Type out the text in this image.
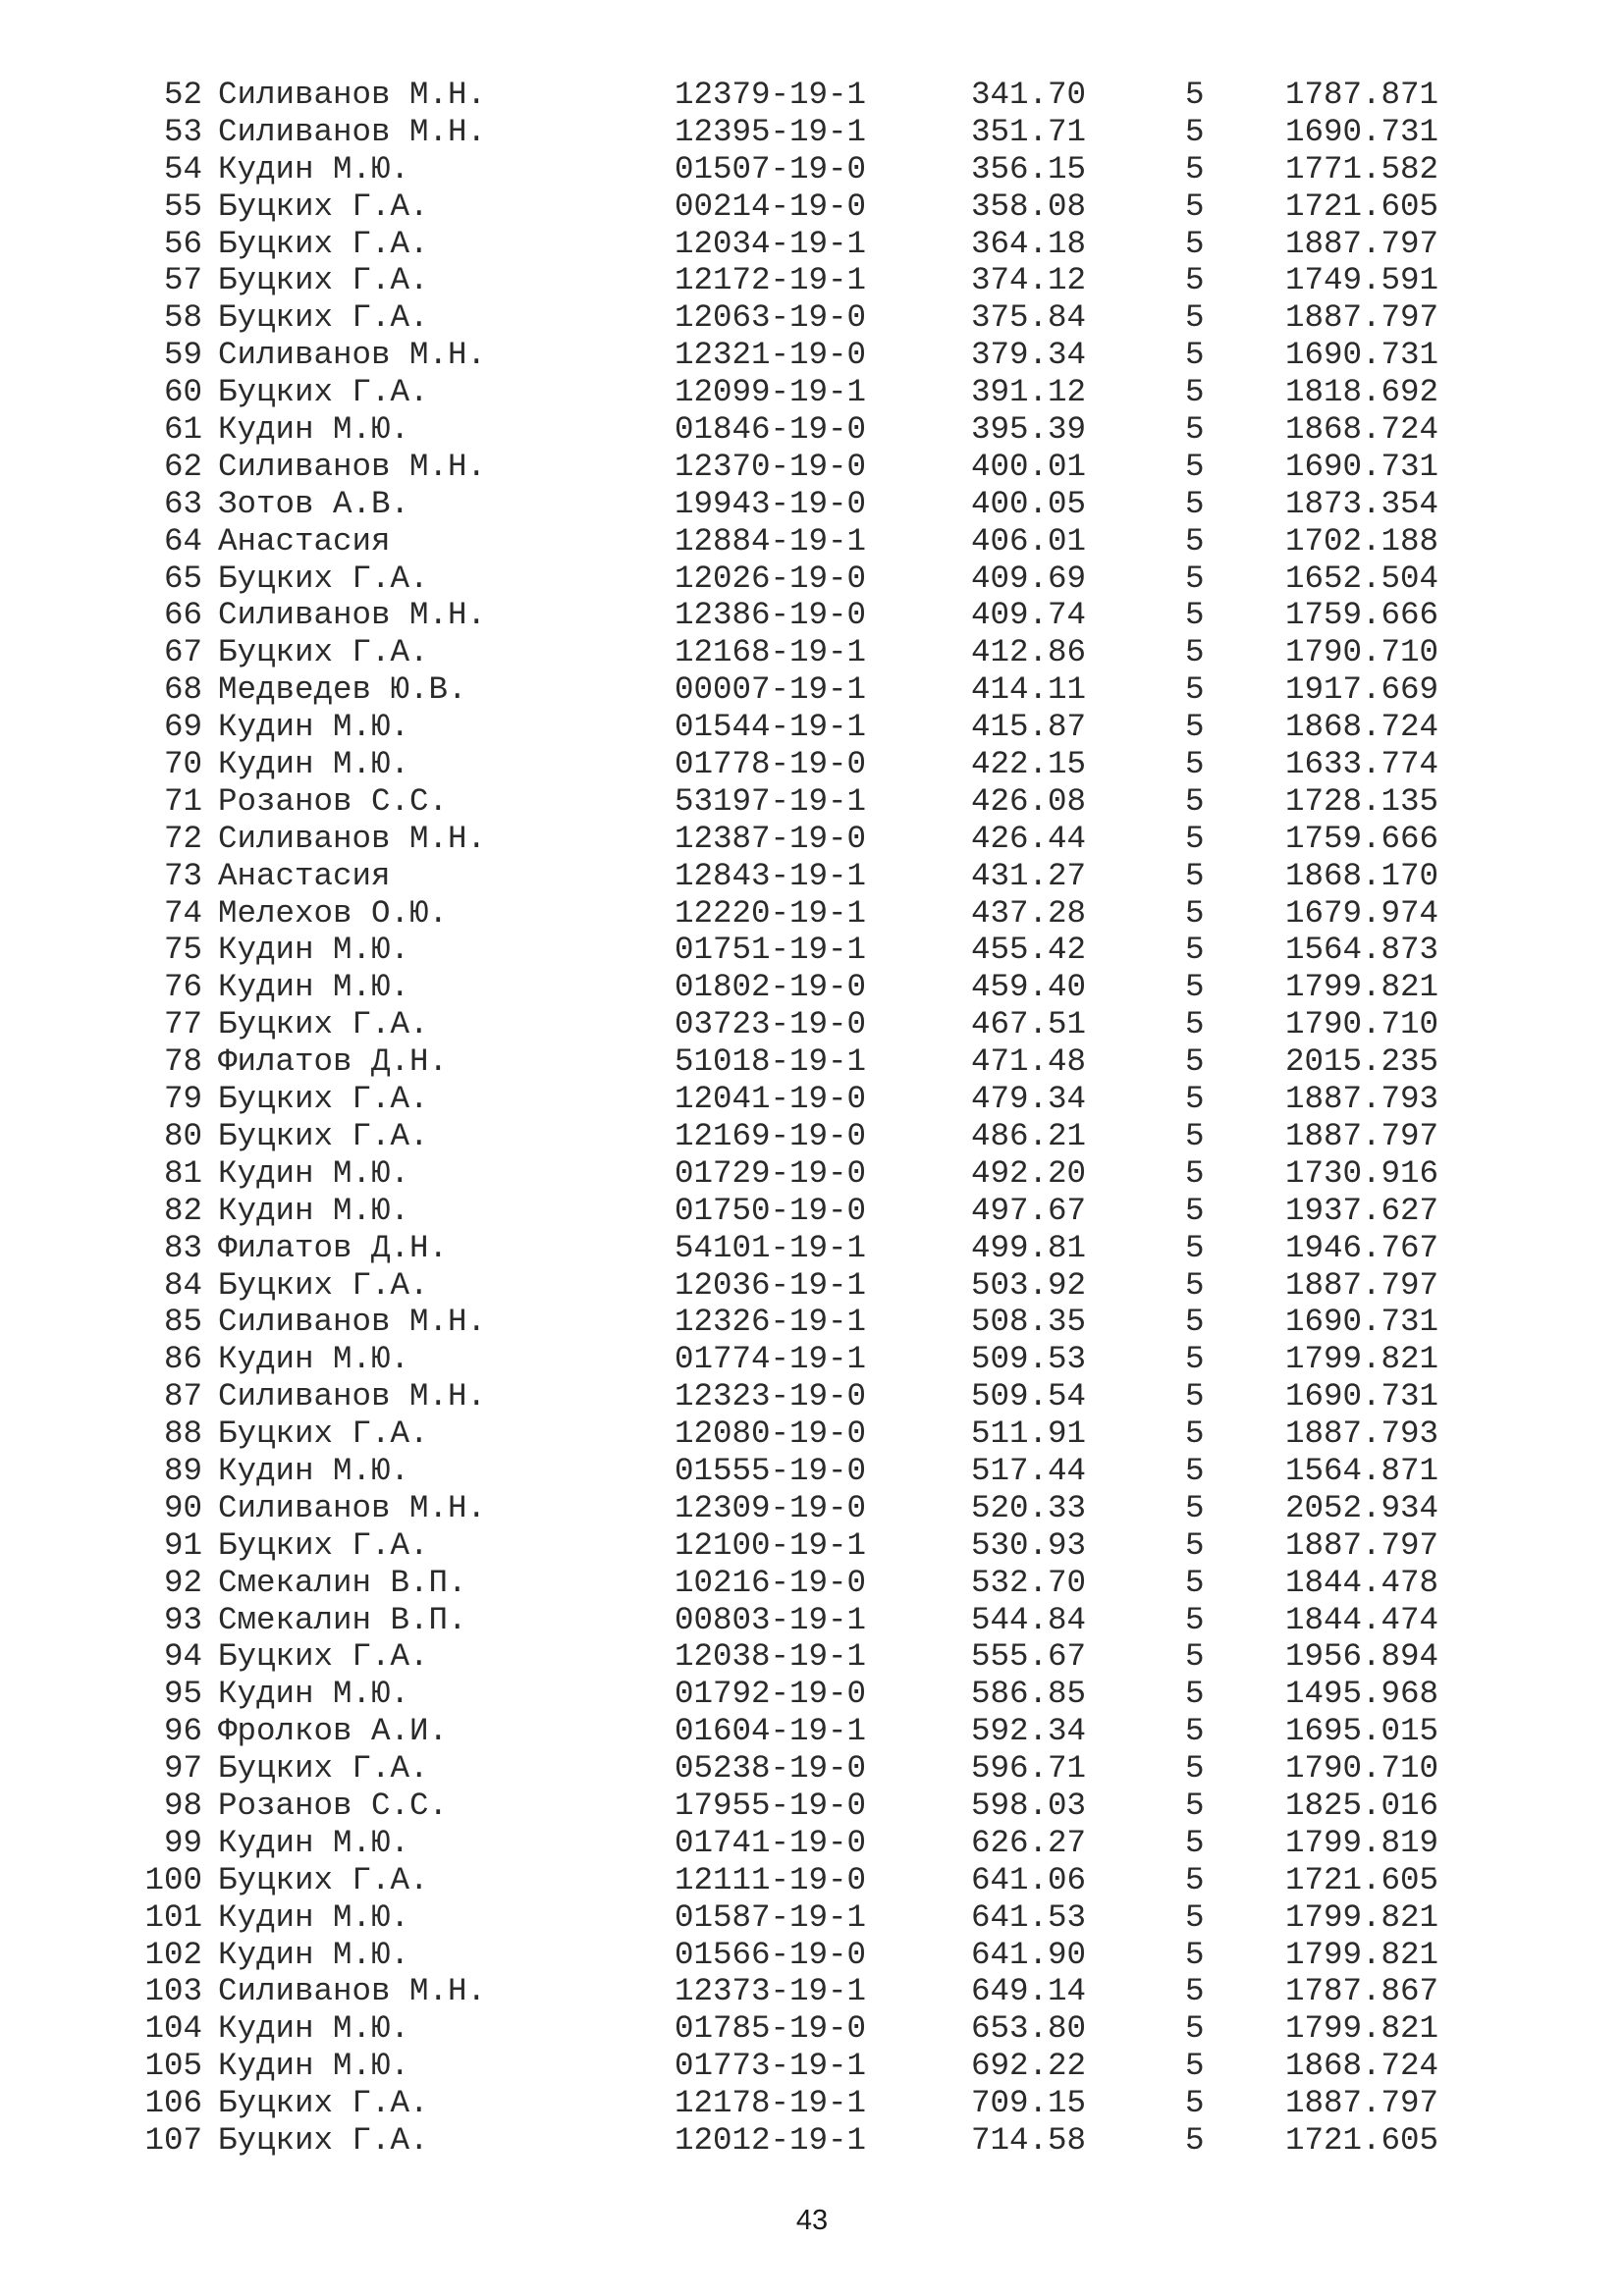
52 Силиванов М.Н.	12379-19-1	341.70	5	1787.871
53 Силиванов М.Н.	12395-19-1	351.71	5	1690.731
54 Кудин М.Ю.	01507-19-0	356.15	5	1771.582
55 Буцких Г.А.	00214-19-0	358.08	5	1721.605
56 Буцких Г.А.	12034-19-1	364.18	5	1887.797
57 Буцких Г.А.	12172-19-1	374.12	5	1749.591
58 Буцких Г.А.	12063-19-0	375.84	5	1887.797
59 Силиванов М.Н.	12321-19-0	379.34	5	1690.731
60 Буцких Г.А.	12099-19-1	391.12	5	1818.692
61 Кудин М.Ю.	01846-19-0	395.39	5	1868.724
62 Силиванов М.Н.	12370-19-0	400.01	5	1690.731
63 Зотов А.В.	19943-19-0	400.05	5	1873.354
64 Анастасия	12884-19-1	406.01	5	1702.188
65 Буцких Г.А.	12026-19-0	409.69	5	1652.504
66 Силиванов М.Н.	12386-19-0	409.74	5	1759.666
67 Буцких Г.А.	12168-19-1	412.86	5	1790.710
68 Медведев Ю.В.	00007-19-1	414.11	5	1917.669
69 Кудин М.Ю.	01544-19-1	415.87	5	1868.724
70 Кудин М.Ю.	01778-19-0	422.15	5	1633.774
71 Розанов С.С.	53197-19-1	426.08	5	1728.135
72 Силиванов М.Н.	12387-19-0	426.44	5	1759.666
73 Анастасия	12843-19-1	431.27	5	1868.170
74 Мелехов О.Ю.	12220-19-1	437.28	5	1679.974
75 Кудин М.Ю.	01751-19-1	455.42	5	1564.873
76 Кудин М.Ю.	01802-19-0	459.40	5	1799.821
77 Буцких Г.А.	03723-19-0	467.51	5	1790.710
78 Филатов Д.Н.	51018-19-1	471.48	5	2015.235
79 Буцких Г.А.	12041-19-0	479.34	5	1887.793
80 Буцких Г.А.	12169-19-0	486.21	5	1887.797
81 Кудин М.Ю.	01729-19-0	492.20	5	1730.916
82 Кудин М.Ю.	01750-19-0	497.67	5	1937.627
83 Филатов Д.Н.	54101-19-1	499.81	5	1946.767
84 Буцких Г.А.	12036-19-1	503.92	5	1887.797
85 Силиванов М.Н.	12326-19-1	508.35	5	1690.731
86 Кудин М.Ю.	01774-19-1	509.53	5	1799.821
87 Силиванов М.Н.	12323-19-0	509.54	5	1690.731
88 Буцких Г.А.	12080-19-0	511.91	5	1887.793
89 Кудин М.Ю.	01555-19-0	517.44	5	1564.871
90 Силиванов М.Н.	12309-19-0	520.33	5	2052.934
91 Буцких Г.А.	12100-19-1	530.93	5	1887.797
92 Смекалин В.П.	10216-19-0	532.70	5	1844.478
93 Смекалин В.П.	00803-19-1	544.84	5	1844.474
94 Буцких Г.А.	12038-19-1	555.67	5	1956.894
95 Кудин М.Ю.	01792-19-0	586.85	5	1495.968
96 Фролков А.И.	01604-19-1	592.34	5	1695.015
97 Буцких Г.А.	05238-19-0	596.71	5	1790.710
98 Розанов С.С.	17955-19-0	598.03	5	1825.016
99 Кудин М.Ю.	01741-19-0	626.27	5	1799.819
100 Буцких Г.А.	12111-19-0	641.06	5	1721.605
101 Кудин М.Ю.	01587-19-1	641.53	5	1799.821
102 Кудин М.Ю.	01566-19-0	641.90	5	1799.821
103 Силиванов М.Н.	12373-19-1	649.14	5	1787.867
104 Кудин М.Ю.	01785-19-0	653.80	5	1799.821
105 Кудин М.Ю.	01773-19-1	692.22	5	1868.724
106 Буцких Г.А.	12178-19-1	709.15	5	1887.797
107 Буцких Г.А.	12012-19-1	714.58	5	1721.605
43
